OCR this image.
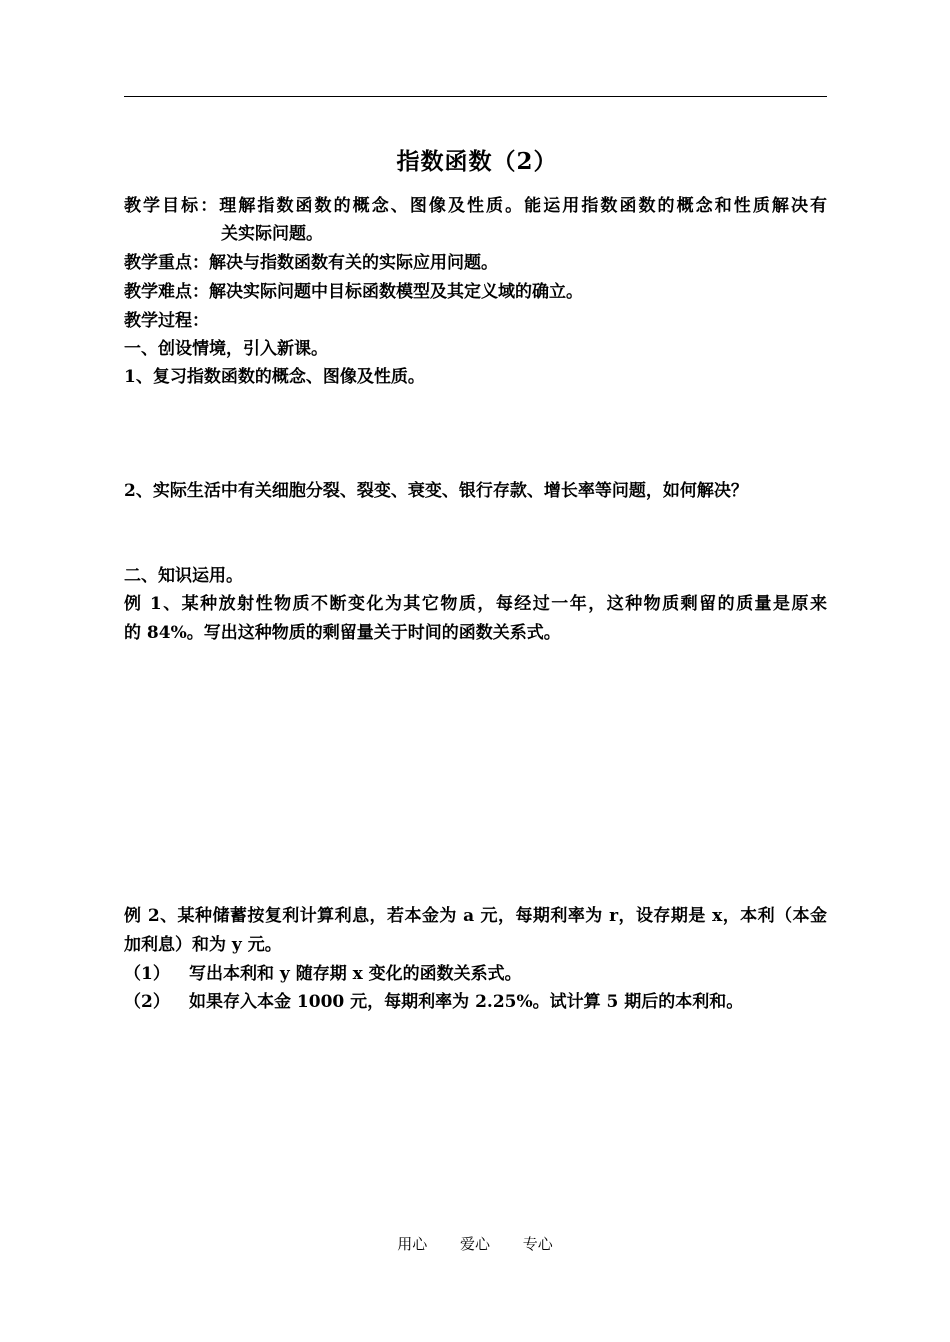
指数函数（2）
教学目标：理解指数函数的概念、图像及性质。能运用指数函数的概念和性质解决有
关实际问题。
教学重点：解决与指数函数有关的实际应用问题。
教学难点：解决实际问题中目标函数模型及其定义域的确立。
教学过程：
一、创设情境，引入新课。
1、复习指数函数的概念、图像及性质。
2、实际生活中有关细胞分裂、裂变、衰变、银行存款、增长率等问题，如何解决？
二、知识运用。
例 1、某种放射性物质不断变化为其它物质，每经过一年，这种物质剩留的质量是原来
的 84%。写出这种物质的剩留量关于时间的函数关系式。
例 2、某种储蓄按复利计算利息，若本金为 a 元，每期利率为 r，设存期是 x，本利（本金
加利息）和为 y 元。
（1） 写出本利和 y 随存期 x 变化的函数关系式。
（2） 如果存入本金 1000 元，每期利率为 2.25%。试计算 5 期后的本利和。
用心 爱心 专心
